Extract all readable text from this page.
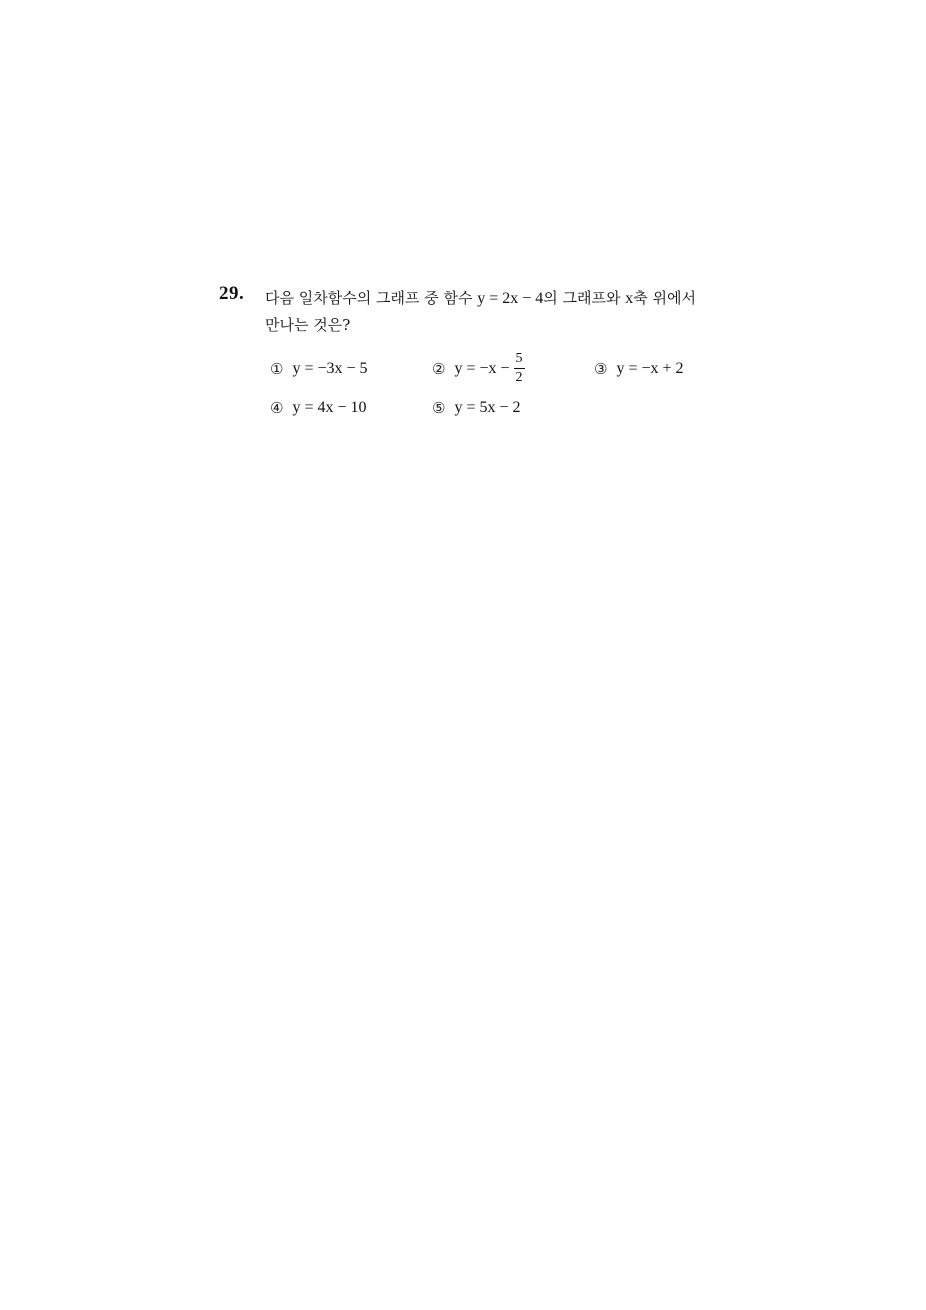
29. 다음 일차함수의 그래프 중 함수 y = 2x − 4의 그래프와 x축 위에서
만나는 것은?
① y = −3x − 5	② $y = -x - \frac{5}{2}$	③ y = −x + 2
④ y = 4x − 10	⑤ y = 5x − 2
